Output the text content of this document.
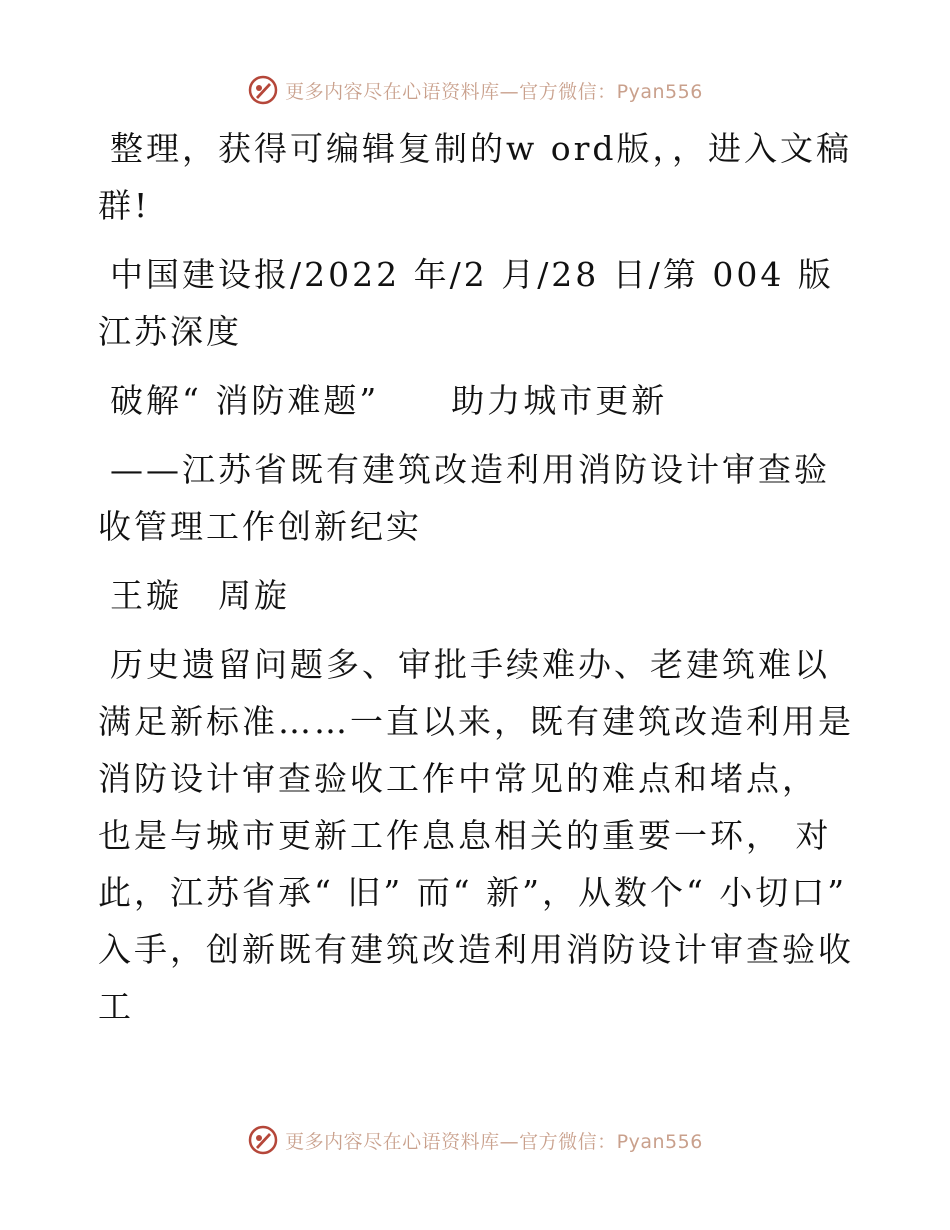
更多内容尽在心语资料库—官方微信：Pyan556

整理，获得可编辑复制的w ord版，，进入文稿群!

中国建设报/2022 年/2 月/28 日/第 004 版江苏深度

破解“ 消防难题”　　助力城市更新

——江苏省既有建筑改造利用消防设计审查验收管理工作创新纪实

王璇　周旋

历史遗留问题多、审批手续难办、老建筑难以满足新标准……一直以来，既有建筑改造利用是消防设计审查验收工作中常见的难点和堵点， 也是与城市更新工作息息相关的重要一环， 对此，江苏省承“ 旧” 而“ 新”，从数个“ 小切口” 入手，创新既有建筑改造利用消防设计审查验收工

更多内容尽在心语资料库—官方微信：Pyan556
